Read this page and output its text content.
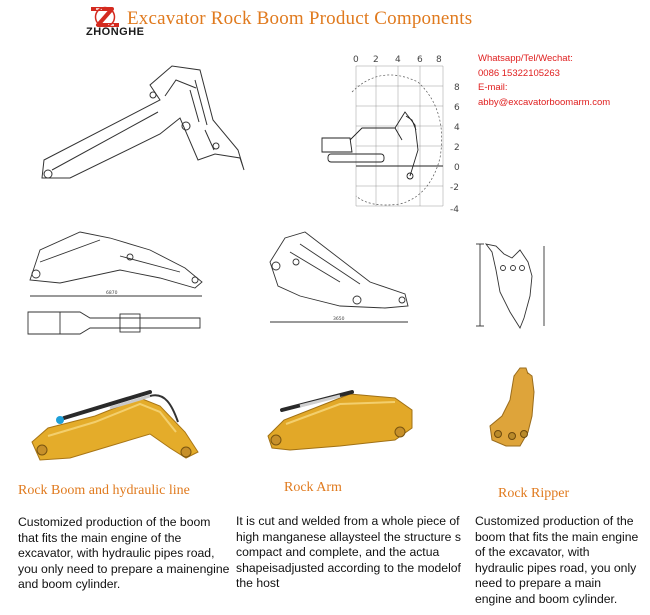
ZHONGHE
Excavator Rock Boom Product Components
Whatsapp/Tel/Wechat:
0086 15322105263
E-mail:
abby@excavatorboomarm.com
0 2 4 6 8
8
6
4
2
0
-2
-4
6870
3650
Rock Boom and hydraulic line
Customized production of the boom that fits the main engine of the excavator, with hydraulic pipes road, you only need to prepare a mainengine and boom cylinder.
Rock Arm
It is cut and welded from a whole piece of high manganese allaysteel the structure s compact and complete, and the actua shapeisadjusted according to the modelof the host
Rock Ripper
Customized production of the boom that fits the main engine of the excavator, with hydraulic pipes road, you only need to prepare a main engine and boom cylinder.
